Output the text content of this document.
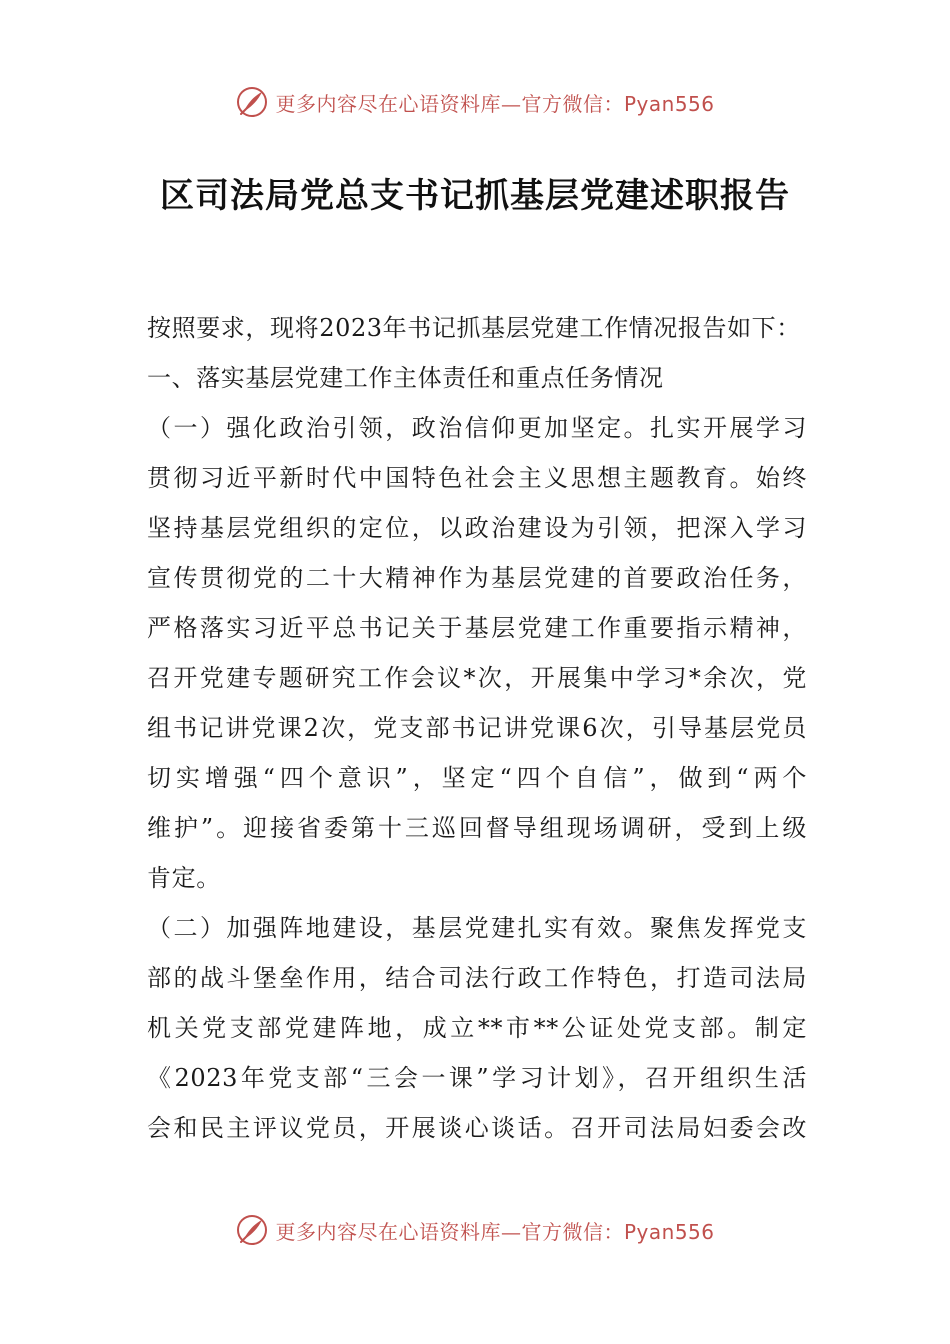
更多内容尽在心语资料库—官方微信：Pyan556
区司法局党总支书记抓基层党建述职报告
按照要求，现将2023年书记抓基层党建工作情况报告如下：
一、落实基层党建工作主体责任和重点任务情况
（一）强化政治引领，政治信仰更加坚定。扎实开展学习
贯彻习近平新时代中国特色社会主义思想主题教育。始终
坚持基层党组织的定位，以政治建设为引领，把深入学习
宣传贯彻党的二十大精神作为基层党建的首要政治任务，
严格落实习近平总书记关于基层党建工作重要指示精神，
召开党建专题研究工作会议*次，开展集中学习*余次，党
组书记讲党课2次，党支部书记讲党课6次，引导基层党员
切实增强“四个意识”，坚定“四个自信”，做到“两个
维护”。迎接省委第十三巡回督导组现场调研，受到上级
肯定。
（二）加强阵地建设，基层党建扎实有效。聚焦发挥党支
部的战斗堡垒作用，结合司法行政工作特色，打造司法局
机关党支部党建阵地，成立**市**公证处党支部。制定
《2023年党支部“三会一课”学习计划》，召开组织生活
会和民主评议党员，开展谈心谈话。召开司法局妇委会改
更多内容尽在心语资料库—官方微信：Pyan556
